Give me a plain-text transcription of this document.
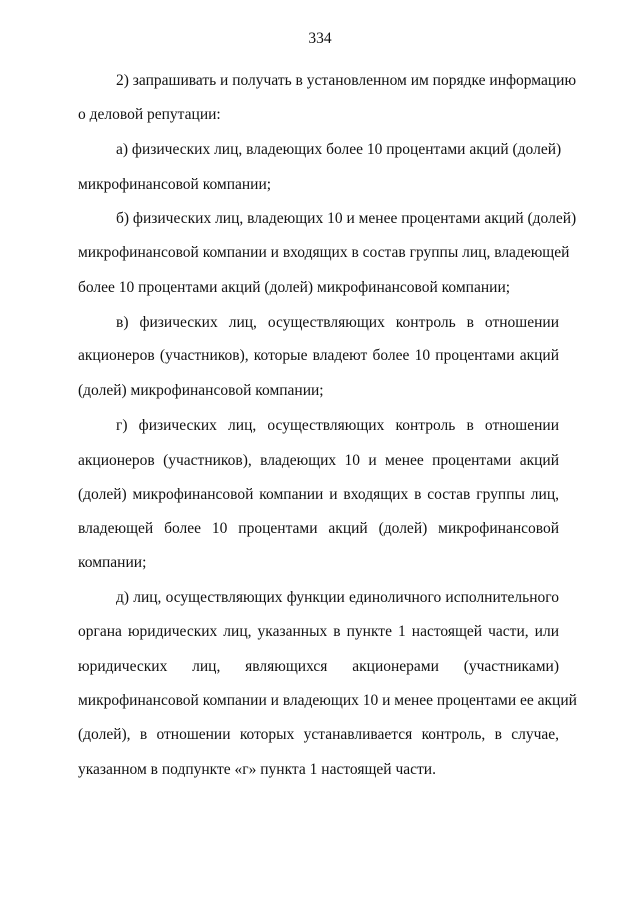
334
2) запрашивать и получать в установленном им порядке информацию
о деловой репутации:
а) физических лиц, владеющих более 10 процентами акций (долей)
микрофинансовой компании;
б) физических лиц, владеющих 10 и менее процентами акций (долей)
микрофинансовой компании и входящих в состав группы лиц, владеющей
более 10 процентами акций (долей) микрофинансовой компании;
в) физических лиц, осуществляющих контроль в отношении
акционеров (участников), которые владеют более 10 процентами акций
(долей) микрофинансовой компании;
г) физических лиц, осуществляющих контроль в отношении
акционеров (участников), владеющих 10 и менее процентами акций
(долей) микрофинансовой компании и входящих в состав группы лиц,
владеющей более 10 процентами акций (долей) микрофинансовой
компании;
д) лиц, осуществляющих функции единоличного исполнительного
органа юридических лиц, указанных в пункте 1 настоящей части, или
юридических лиц, являющихся акционерами (участниками)
микрофинансовой компании и владеющих 10 и менее процентами ее акций
(долей), в отношении которых устанавливается контроль, в случае,
указанном в подпункте «г» пункта 1 настоящей части.
